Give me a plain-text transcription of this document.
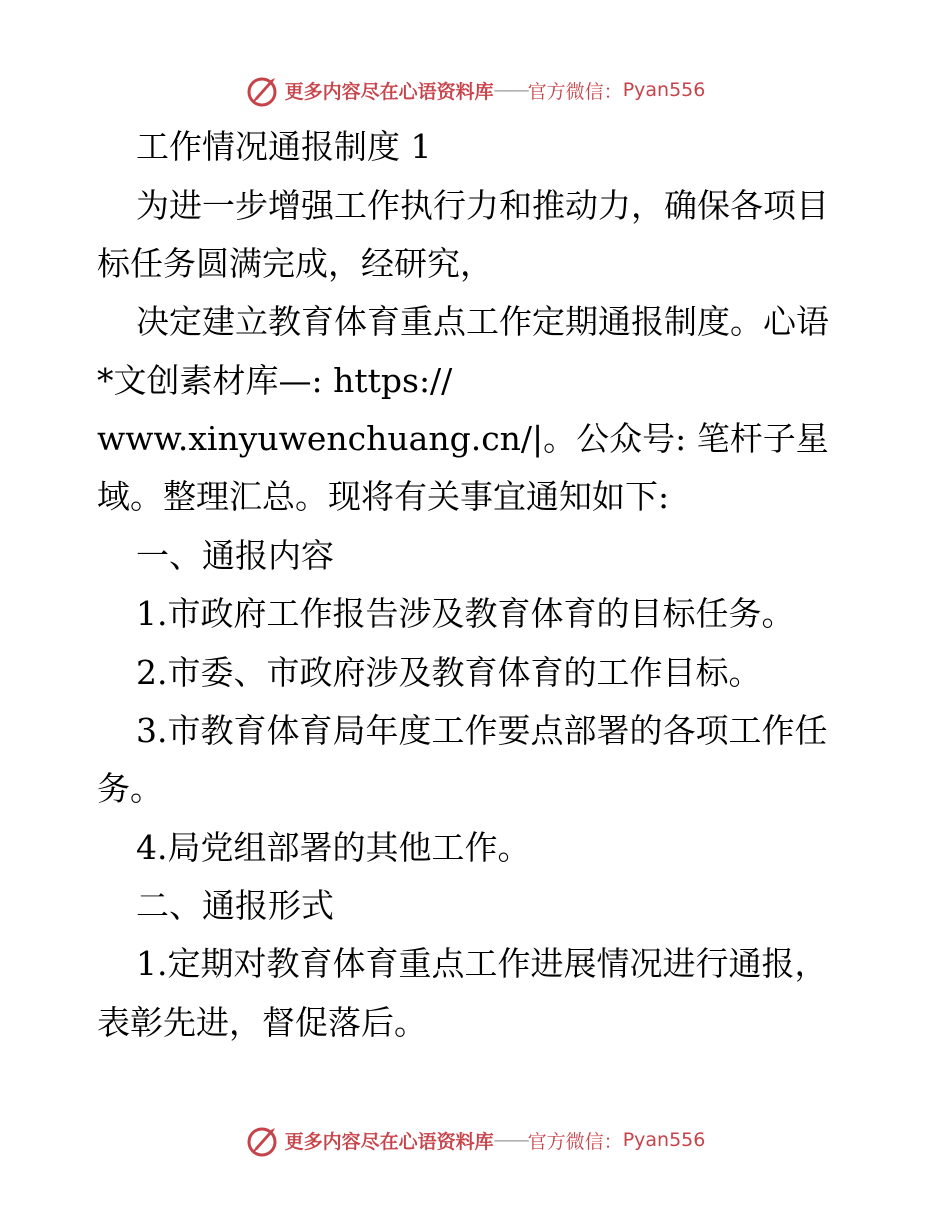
更多内容尽在心语资料库 —— 官方微信： Pyan556
工作情况通报制度 1
为进一步增强工作执行力和推动力，确保各项目
标任务圆满完成，经研究，
决定建立教育体育重点工作定期通报制度。心语
*文创素材库—: https://
www.xinyuwenchuang.cn/|。公众号: 笔杆子星
域。整理汇总。现将有关事宜通知如下:
一、通报内容
1.市政府工作报告涉及教育体育的目标任务。
2.市委、市政府涉及教育体育的工作目标。
3.市教育体育局年度工作要点部署的各项工作任
务。
4.局党组部署的其他工作。
二、通报形式
1.定期对教育体育重点工作进展情况进行通报，
表彰先进，督促落后。
更多内容尽在心语资料库 —— 官方微信： Pyan556
